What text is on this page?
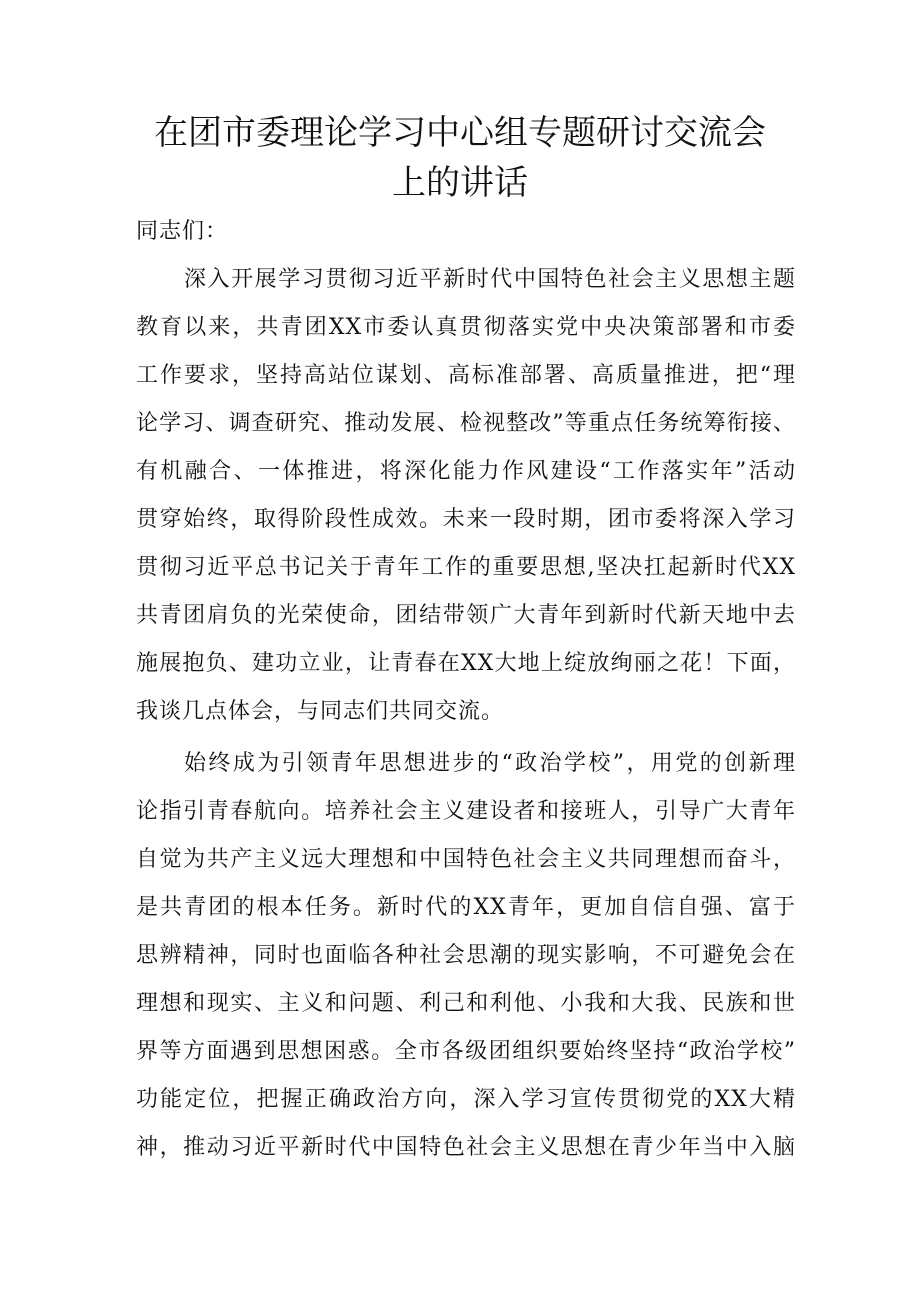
在团市委理论学习中心组专题研讨交流会
上的讲话
同志们：
深入开展学习贯彻习近平新时代中国特色社会主义思想主题
教育以来，共青团XX市委认真贯彻落实党中央决策部署和市委
工作要求，坚持高站位谋划、高标准部署、高质量推进，把“理
论学习、调查研究、推动发展、检视整改”等重点任务统筹衔接、
有机融合、一体推进，将深化能力作风建设“工作落实年”活动
贯穿始终，取得阶段性成效。未来一段时期，团市委将深入学习
贯彻习近平总书记关于青年工作的重要思想,坚决扛起新时代XX
共青团肩负的光荣使命，团结带领广大青年到新时代新天地中去
施展抱负、建功立业，让青春在XX大地上绽放绚丽之花！下面，
我谈几点体会，与同志们共同交流。
始终成为引领青年思想进步的“政治学校”，用党的创新理
论指引青春航向。培养社会主义建设者和接班人，引导广大青年
自觉为共产主义远大理想和中国特色社会主义共同理想而奋斗，
是共青团的根本任务。新时代的XX青年，更加自信自强、富于
思辨精神，同时也面临各种社会思潮的现实影响，不可避免会在
理想和现实、主义和问题、利己和利他、小我和大我、民族和世
界等方面遇到思想困惑。全市各级团组织要始终坚持“政治学校”
功能定位，把握正确政治方向，深入学习宣传贯彻党的XX大精
神，推动习近平新时代中国特色社会主义思想在青少年当中入脑
